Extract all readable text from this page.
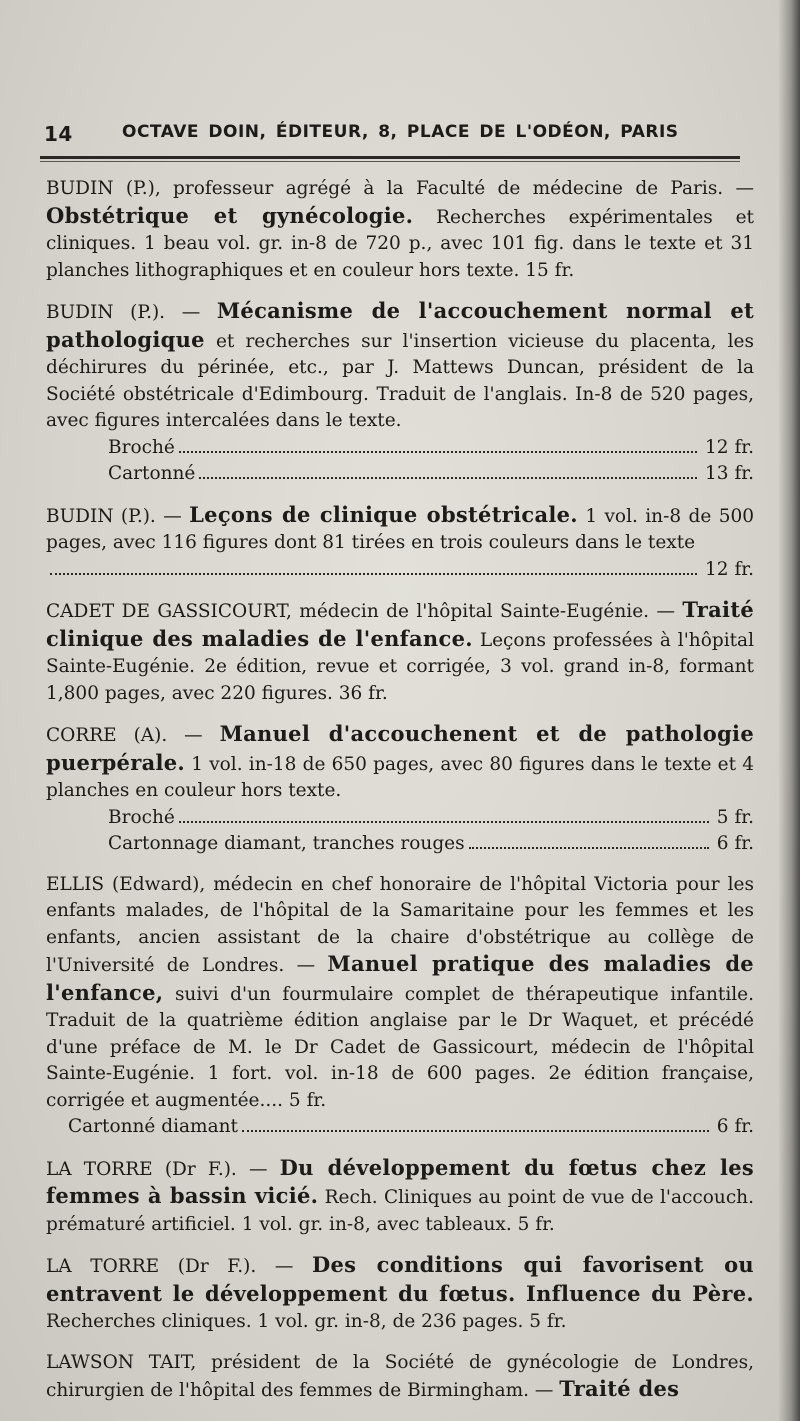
14	OCTAVE DOIN, ÉDITEUR, 8, PLACE DE L'ODÉON, PARIS
BUDIN (P.), professeur agrégé à la Faculté de médecine de Paris. — Obstétrique et gynécologie. Recherches expérimentales et cliniques. 1 beau vol. gr. in-8 de 720 p., avec 101 fig. dans le texte et 31 planches lithographiques et en couleur hors texte. 15 fr.
BUDIN (P.). — Mécanisme de l'accouchement normal et pathologique et recherches sur l'insertion vicieuse du placenta, les déchirures du périnée, etc., par J. Mattews Duncan, président de la Société obstétricale d'Edimbourg. Traduit de l'anglais. In-8 de 520 pages, avec figures intercalées dans le texte.
Broché	12 fr.
Cartonné	13 fr.
BUDIN (P.). — Leçons de clinique obstétricale. 1 vol. in-8 de 500 pages, avec 116 figures dont 81 tirées en trois couleurs dans le texte
12 fr.
CADET DE GASSICOURT, médecin de l'hôpital Sainte-Eugénie. — Traité clinique des maladies de l'enfance. Leçons professées à l'hôpital Sainte-Eugénie. 2e édition, revue et corrigée, 3 vol. grand in-8, formant 1,800 pages, avec 220 figures. 36 fr.
CORRE (A). — Manuel d'accouchenent et de pathologie puerpérale. 1 vol. in-18 de 650 pages, avec 80 figures dans le texte et 4 planches en couleur hors texte.
Broché	5 fr.
Cartonnage diamant, tranches rouges	6 fr.
ELLIS (Edward), médecin en chef honoraire de l'hôpital Victoria pour les enfants malades, de l'hôpital de la Samaritaine pour les femmes et les enfants, ancien assistant de la chaire d'obstétrique au collège de l'Université de Londres. — Manuel pratique des maladies de l'enfance, suivi d'un fourmulaire complet de thérapeutique infantile. Traduit de la quatrième édition anglaise par le Dr Waquet, et précédé d'une préface de M. le Dr Cadet de Gassicourt, médecin de l'hôpital Sainte-Eugénie. 1 fort. vol. in-18 de 600 pages. 2e édition française, corrigée et augmentée.... 5 fr.
Cartonné diamant	6 fr.
LA TORRE (Dr F.). — Du développement du fœtus chez les femmes à bassin vicié. Rech. Cliniques au point de vue de l'accouch. prématuré artificiel. 1 vol. gr. in-8, avec tableaux. 5 fr.
LA TORRE (Dr F.). — Des conditions qui favorisent ou entravent le développement du fœtus. Influence du Père. Recherches cliniques. 1 vol. gr. in-8, de 236 pages. 5 fr.
LAWSON TAIT, président de la Société de gynécologie de Londres, chirurgien de l'hôpital des femmes de Birmingham. — Traité des
